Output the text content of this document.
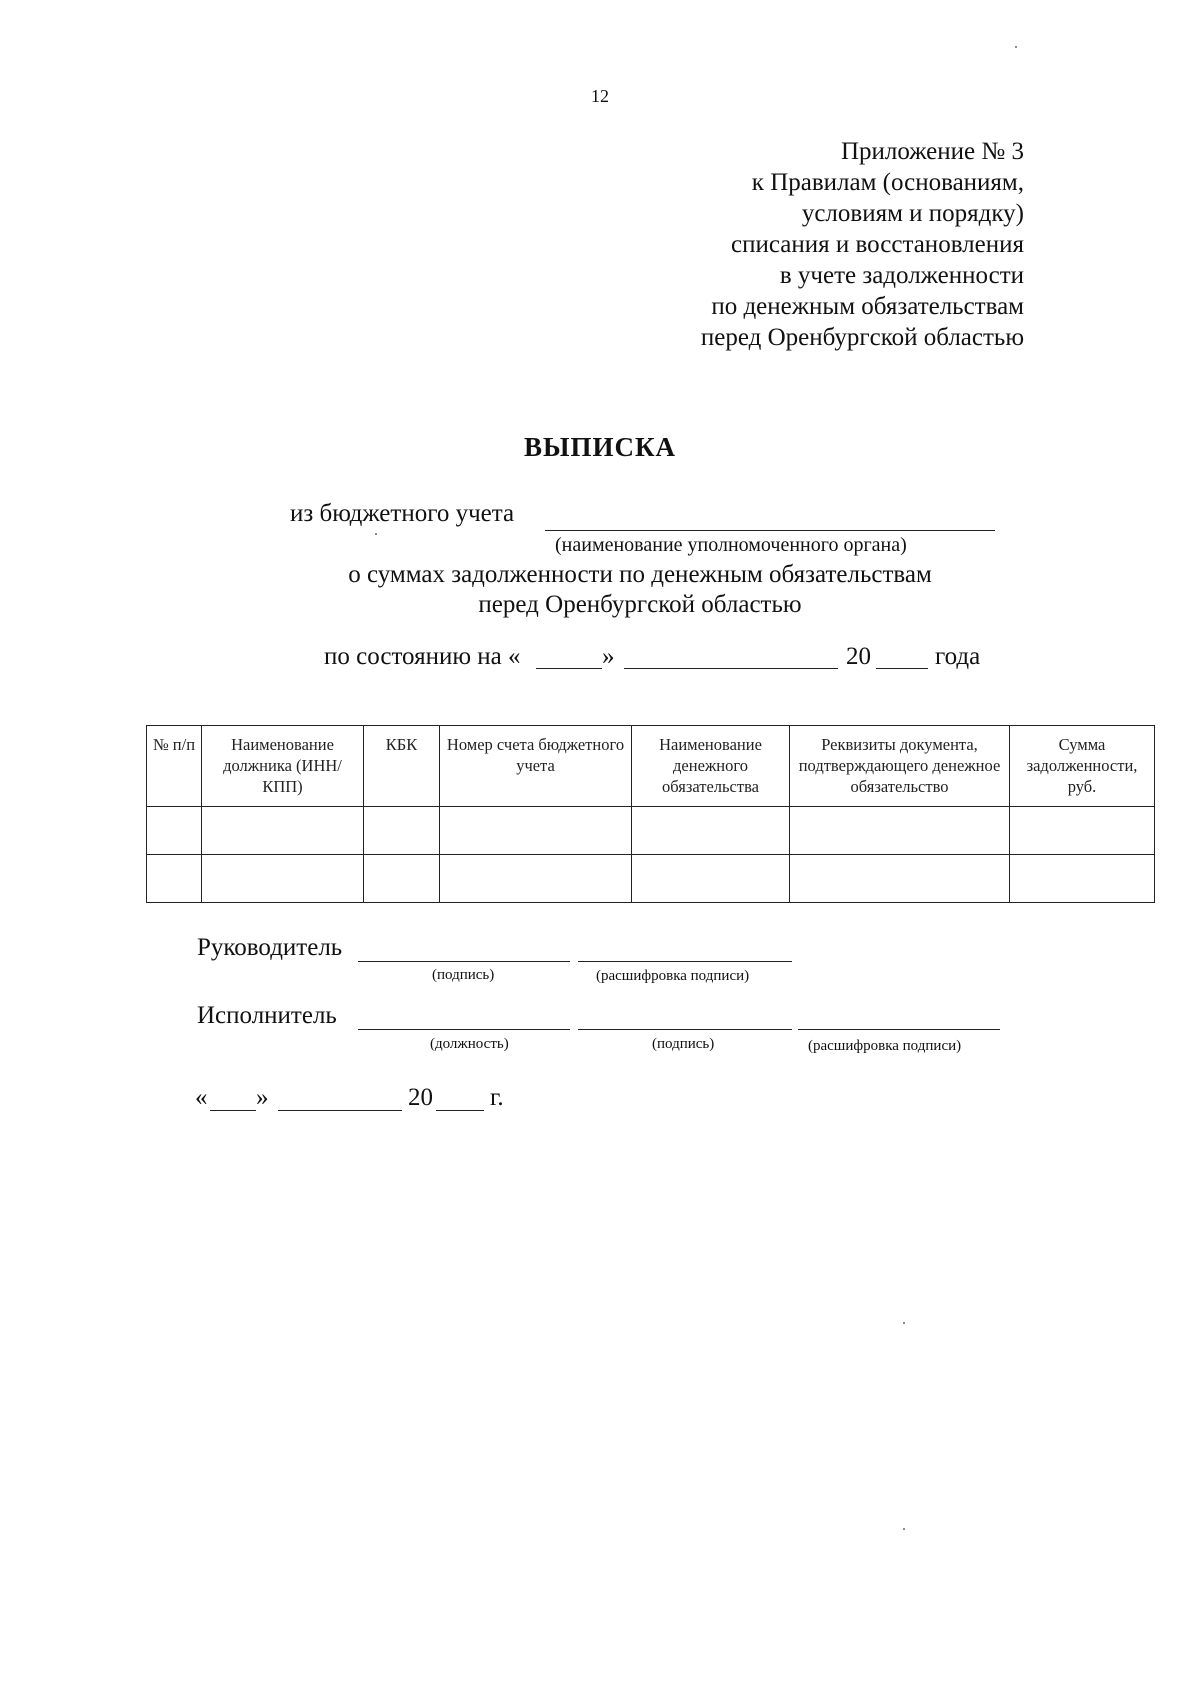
12
Приложение № 3
к Правилам (основаниям,
условиям и порядку)
списания и восстановления
в учете задолженности
по денежным обязательствам
перед Оренбургской областью
ВЫПИСКА
из бюджетного учета
(наименование уполномоченного органа)
о суммах задолженности по денежным обязательствам
перед Оренбургской областью
по состоянию на «	»	20	года
№ п/п	Наименование должника (ИНН/КПП)	КБК	Номер счета бюджетного учета	Наименование денежного обязательства	Реквизиты документа, подтверждающего денежное обязательство	Сумма задолженности, руб.

Руководитель
(подпись)	(расшифровка подписи)
Исполнитель
(должность)	(подпись)	(расшифровка подписи)
« »	20 г.
